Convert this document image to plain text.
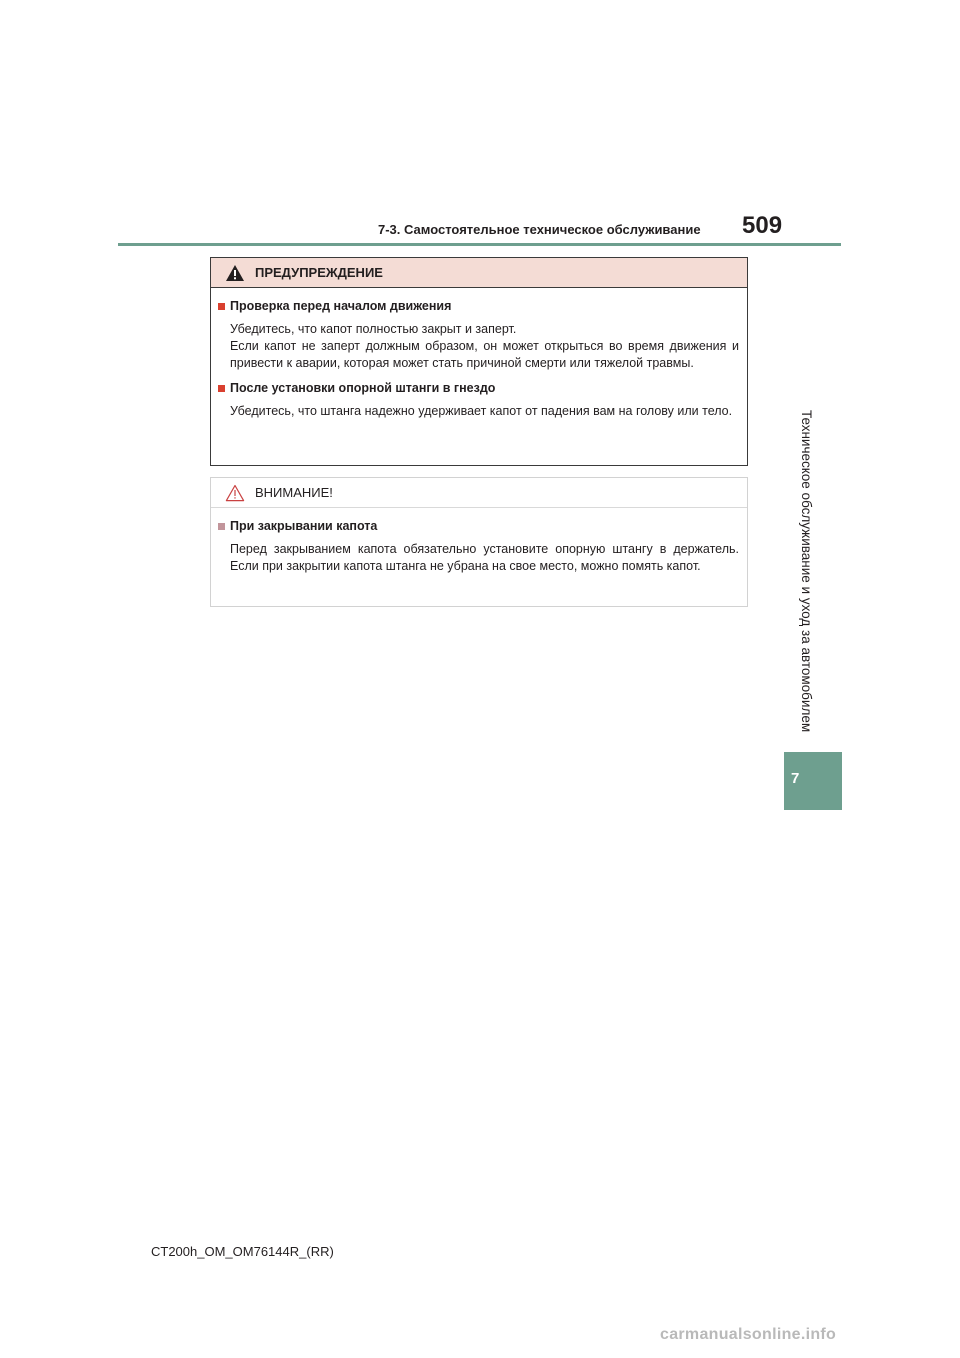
7-3. Самостоятельное техническое обслуживание 509
Техническое обслуживание и уход за автомобилем
7
ПРЕДУПРЕЖДЕНИЕ
Проверка перед началом движения

Убедитесь, что капот полностью закрыт и заперт.

Если капот не заперт должным образом, он может открыться во время движения и привести к аварии, которая может стать причиной смерти или тяжелой травмы.

После установки опорной штанги в гнездо

Убедитесь, что штанга надежно удерживает капот от падения вам на голову или тело.

ВНИМАНИЕ!
При закрывании капота

Перед закрыванием капота обязательно установите опорную штангу в держатель. Если при закрытии капота штанга не убрана на свое место, можно помять капот.

CT200h_OM_OM76144R_(RR)
carmanualsonline.info
